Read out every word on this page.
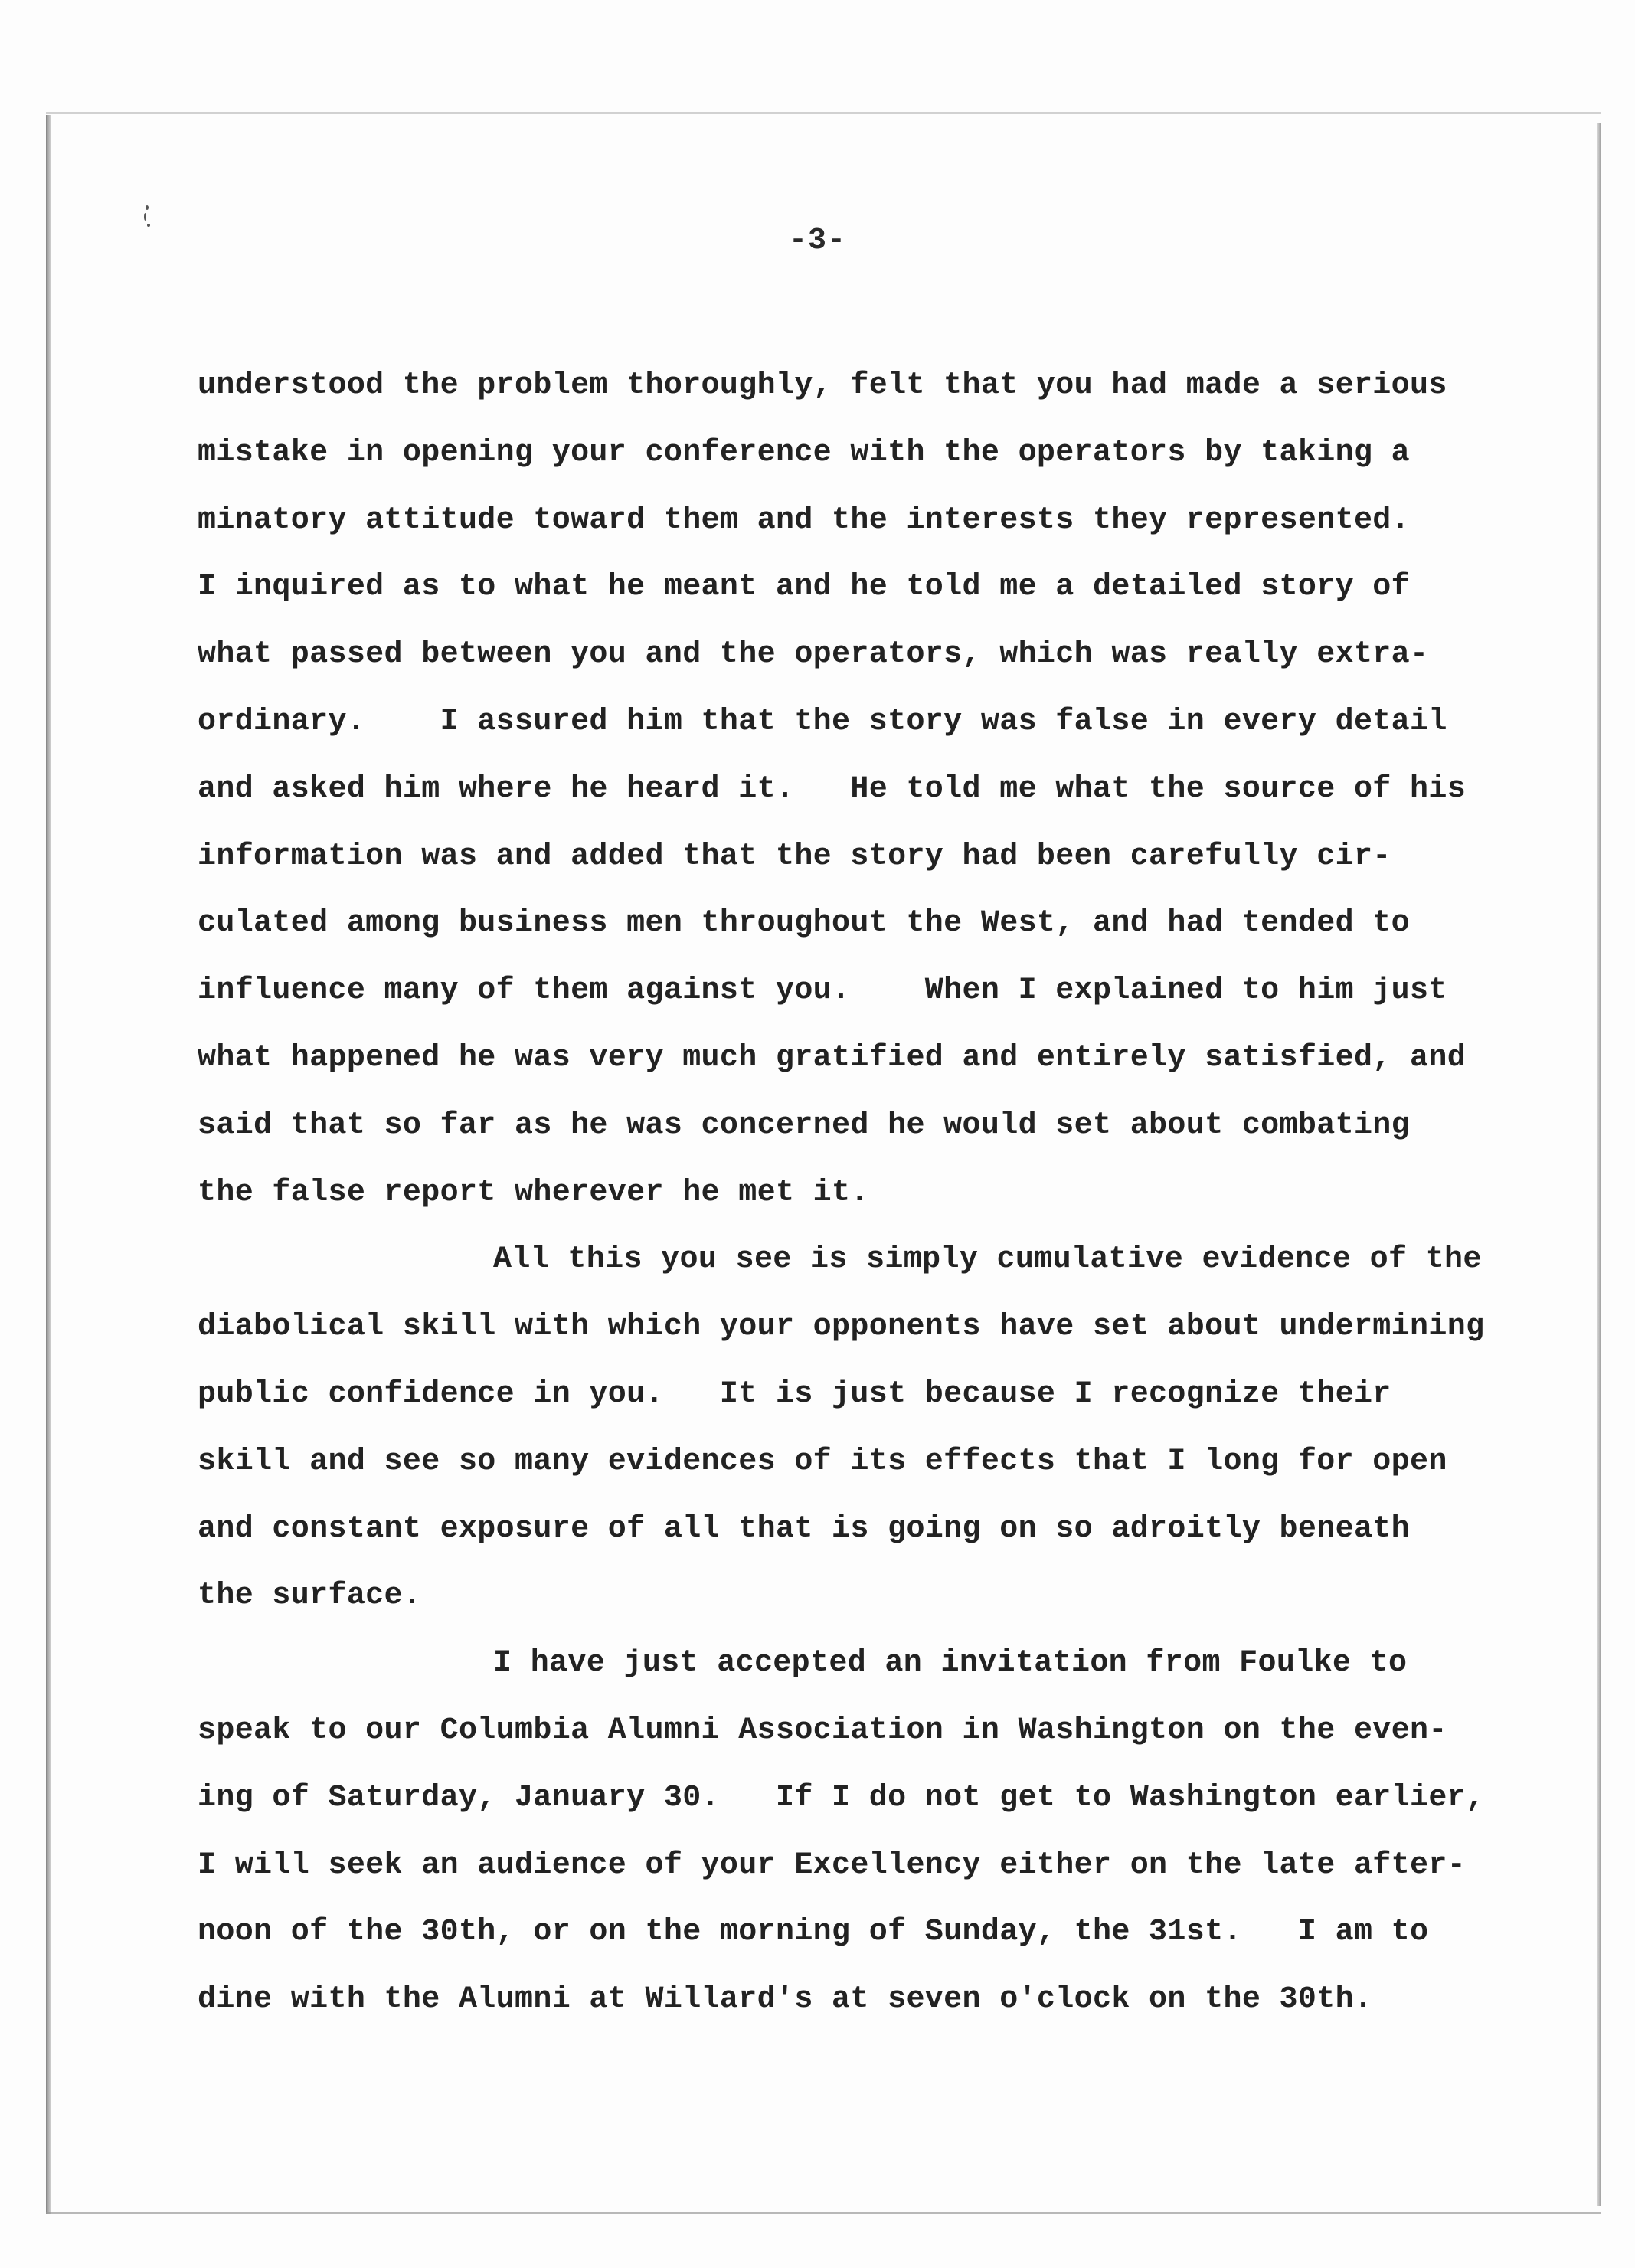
-3-
understood the problem thoroughly, felt that you had made a serious
mistake in opening your conference with the operators by taking a
minatory attitude toward them and the interests they represented.
I inquired as to what he meant and he told me a detailed story of
what passed between you and the operators, which was really extra-
ordinary.    I assured him that the story was false in every detail
and asked him where he heard it.   He told me what the source of his
information was and added that the story had been carefully cir-
culated among business men throughout the West, and had tended to
influence many of them against you.    When I explained to him just
what happened he was very much gratified and entirely satisfied, and
said that so far as he was concerned he would set about combating
the false report wherever he met it.
All this you see is simply cumulative evidence of the
diabolical skill with which your opponents have set about undermining
public confidence in you.   It is just because I recognize their
skill and see so many evidences of its effects that I long for open
and constant exposure of all that is going on so adroitly beneath
the surface.
I have just accepted an invitation from Foulke to
speak to our Columbia Alumni Association in Washington on the even-
ing of Saturday, January 30.   If I do not get to Washington earlier,
I will seek an audience of your Excellency either on the late after-
noon of the 30th, or on the morning of Sunday, the 31st.   I am to
dine with the Alumni at Willard's at seven o'clock on the 30th.
